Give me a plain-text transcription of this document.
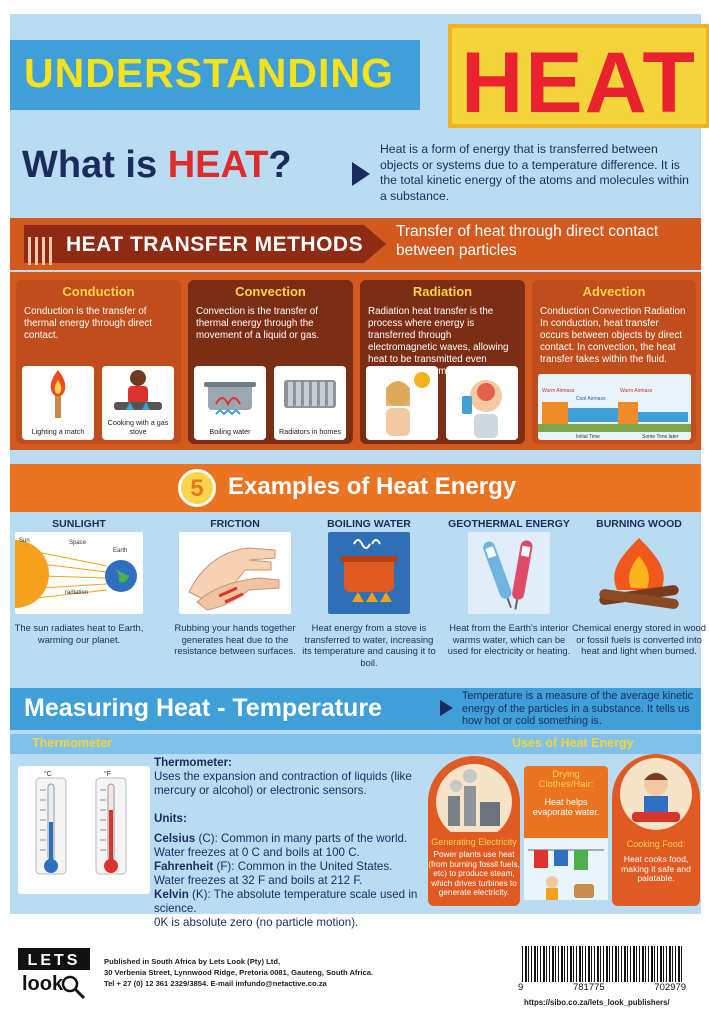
UNDERSTANDING HEAT
What is HEAT?	Heat is a form of energy that is transferred between objects or systems due to a temperature difference. It is the total kinetic energy of the atoms and molecules within a substance.
HEAT TRANSFER METHODS
Transfer of heat through direct contact between particles
Conduction
Conduction is the transfer of thermal energy through direct contact.
Lighting a match
Cooking with a gas stove
Convection
Convection is the transfer of thermal energy through the movement of a liquid or gas.
Boiling water	Radiators in homes
Radiation
Radiation heat transfer is the process where energy is transferred through electromagnetic waves, allowing heat to be transmitted even
Advection
Conduction Convection Radiation In conduction, heat transfer occurs between objects by direct contact. In convection, the heat transfer takes within the fluid.
Warm Airmass
Cool Airmass
Warm Airmass
Initial Time	Some Time later
5	Examples of Heat Energy
SUNLIGHT
Sun	Space
Earth
radiation
The sun radiates heat to Earth, warming our planet.
FRICTION
Rubbing your hands together generates heat due to the resistance between surfaces.
BOILING WATER
Heat energy from a stove is transferred to water, increasing its temperature and causing it to boil.
GEOTHERMAL ENERGY
Heat from the Earth's interior warms water, which can be used for electricity or heating.
BURNING WOOD
Chemical energy stored in wood or fossil fuels is converted into heat and light when burned.
Measuring Heat - Temperature	Temperature is a measure of the average kinetic energy of the particles in a substance. It tells us how hot or cold something is.
Thermometer	Uses of Heat Energy
°C	°F

Thermometer:

Uses the expansion and contraction of liquids (like mercury or alcohol) or electronic sensors.

Units:

Celsius (C): Common in many parts of the world. Water freezes at 0 C and boils at 100 C.

Fahrenheit (F): Common in the United States. Water freezes at 32 F and boils at 212 F.

Kelvin (K): The absolute temperature scale used in science.

0K is absolute zero (no particle motion).

Generating Electricity
Power plants use heat (from burning fossil fuels, etc) to produce steam, which drives turbines to generate electricity.
Drying Clothes/Hair:
Heat helps evaporate water.
Cooking Food:
Heat cooks food, making it safe and palatable.
LETS
look
Published in South Africa by Lets Look (Pty) Ltd,
30 Verbenia Street, Lynnwood Ridge, Pretoria 0081, Gauteng, South Africa.
Tel + 27 (0) 12 361 2329/3854. E-mail imfundo@netactive.co.za	9	781775	702979
https://sibo.co.za/lets_look_publishers/
